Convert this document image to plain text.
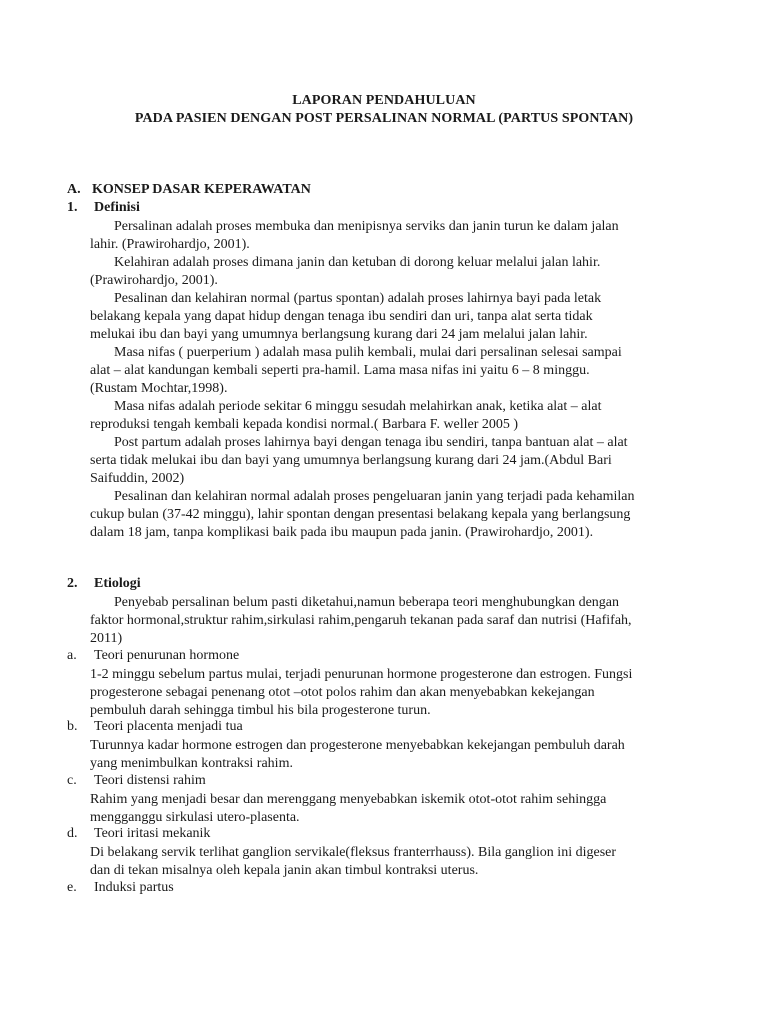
LAPORAN PENDAHULUAN
PADA PASIEN DENGAN POST PERSALINAN NORMAL (PARTUS SPONTAN)
A. KONSEP DASAR KEPERAWATAN
1. Definisi
Persalinan adalah proses membuka dan menipisnya serviks dan janin turun ke dalam jalan
lahir. (Prawirohardjo, 2001).
Kelahiran adalah proses dimana janin dan ketuban di dorong keluar melalui jalan lahir.
(Prawirohardjo, 2001).
Pesalinan dan kelahiran normal (partus spontan) adalah proses lahirnya bayi pada letak
belakang kepala yang dapat hidup dengan tenaga ibu sendiri dan uri, tanpa alat serta tidak
melukai ibu dan bayi yang umumnya berlangsung kurang dari 24 jam melalui jalan lahir.
Masa nifas ( puerperium ) adalah masa pulih kembali, mulai dari persalinan selesai sampai
alat – alat kandungan kembali seperti pra-hamil. Lama masa nifas ini yaitu 6 – 8 minggu.
(Rustam Mochtar,1998).
Masa nifas adalah periode sekitar 6 minggu sesudah melahirkan anak, ketika alat – alat
reproduksi tengah kembali kepada kondisi normal.( Barbara F. weller 2005 )
Post partum adalah proses lahirnya bayi dengan tenaga ibu sendiri, tanpa bantuan alat – alat
serta tidak melukai ibu dan bayi yang umumnya berlangsung kurang dari 24 jam.(Abdul Bari
Saifuddin, 2002)
Pesalinan dan kelahiran normal adalah proses pengeluaran janin yang terjadi pada kehamilan
cukup bulan (37-42 minggu), lahir spontan dengan presentasi belakang kepala yang berlangsung
dalam 18 jam, tanpa komplikasi baik pada ibu maupun pada janin. (Prawirohardjo, 2001).
2. Etiologi
Penyebab persalinan belum pasti diketahui,namun beberapa teori menghubungkan dengan
faktor hormonal,struktur rahim,sirkulasi rahim,pengaruh tekanan pada saraf dan nutrisi (Hafifah,
2011)
a. Teori penurunan hormone
1-2 minggu sebelum partus mulai, terjadi penurunan hormone progesterone dan estrogen. Fungsi
progesterone sebagai penenang otot –otot polos rahim dan akan menyebabkan kekejangan
pembuluh darah sehingga timbul his bila progesterone turun.
b. Teori placenta menjadi tua
Turunnya kadar hormone estrogen dan progesterone menyebabkan kekejangan pembuluh darah
yang menimbulkan kontraksi rahim.
c. Teori distensi rahim
Rahim yang menjadi besar dan merenggang menyebabkan iskemik otot-otot rahim sehingga
mengganggu sirkulasi utero-plasenta.
d. Teori iritasi mekanik
Di belakang servik terlihat ganglion servikale(fleksus franterrhauss). Bila ganglion ini digeser
dan di tekan misalnya oleh kepala janin akan timbul kontraksi uterus.
e. Induksi partus
